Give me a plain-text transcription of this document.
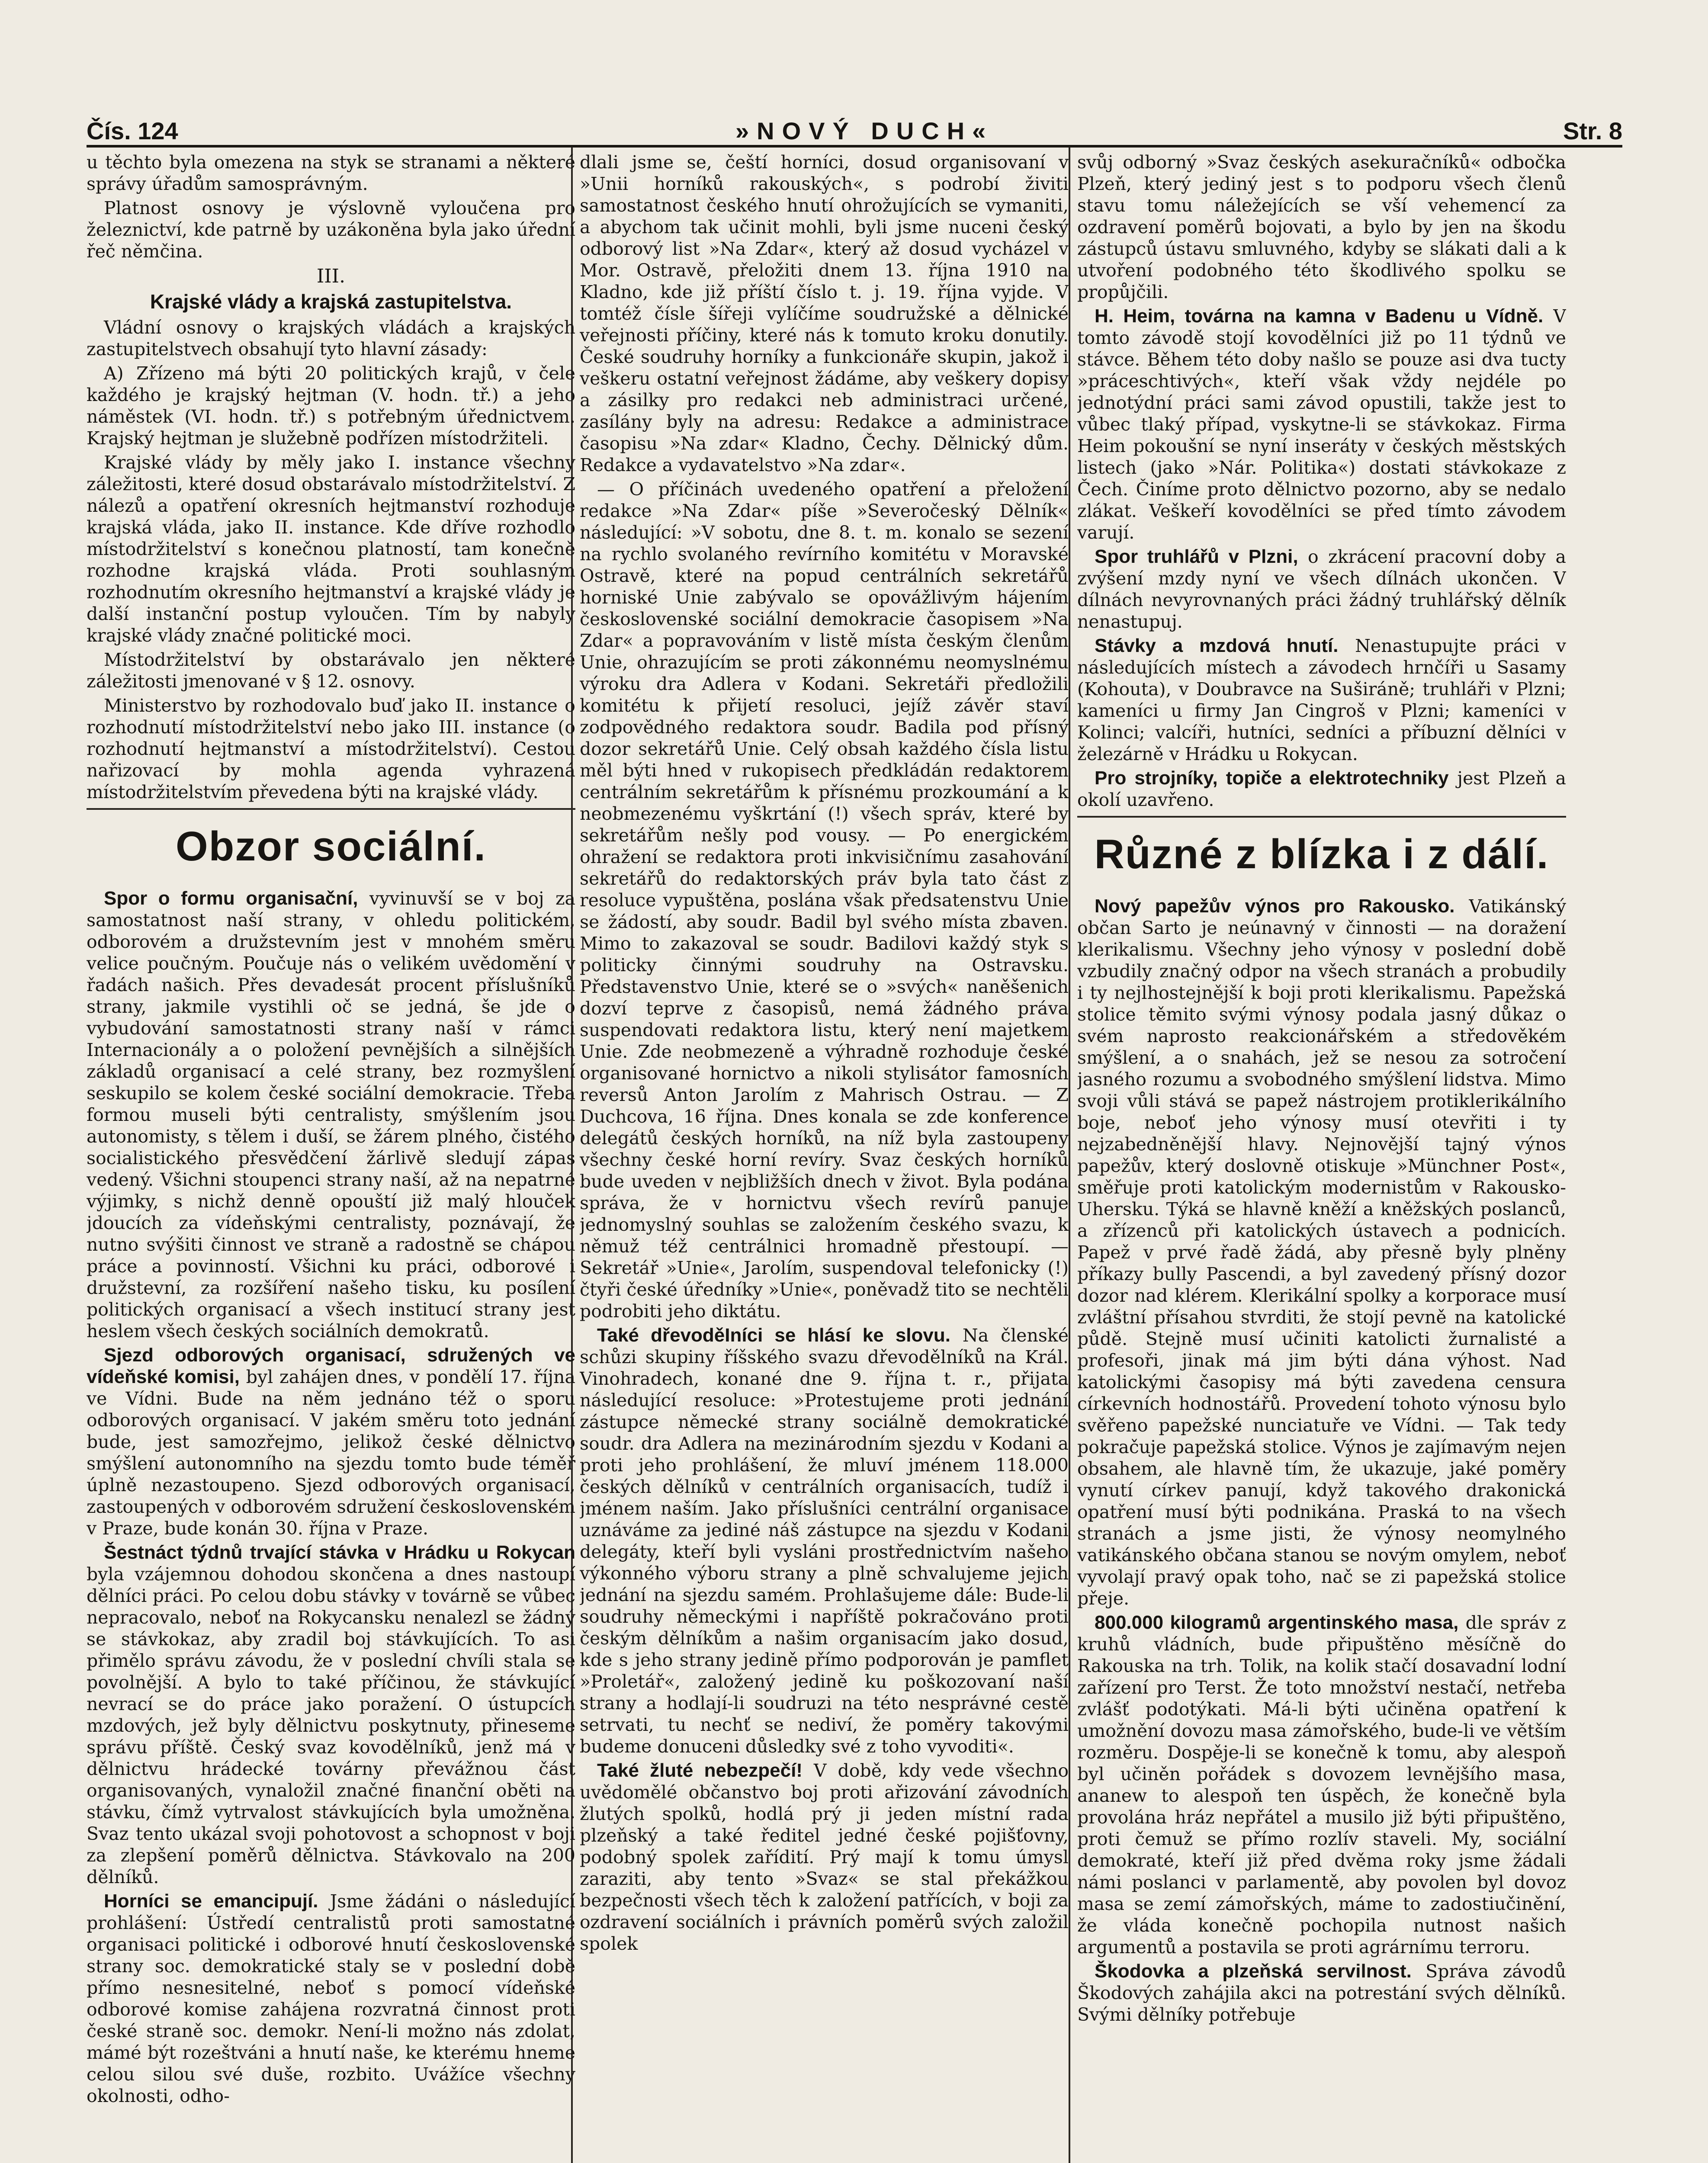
Čís. 124	»NOVÝ DUCH«	Str. 8

u těchto byla omezena na styk se stranami a některé správy úřadům samosprávným.

Platnost osnovy je výslovně vyloučena pro železnictví, kde patrně by uzákoněna byla jako úřední řeč němčina.

III.
Krajské vlády a krajská zastupitelstva.

Vládní osnovy o krajských vládách a krajských zastupitelstvech obsahují tyto hlavní zásady:

A) Zřízeno má býti 20 politických krajů, v čele každého je krajský hejtman (V. hodn. tř.) a jeho náměstek (VI. hodn. tř.) s potřebným úřednictvem. Krajský hejtman je služebně podřízen místodržiteli.

Krajské vlády by měly jako I. instance všechny záležitosti, které dosud obstarávalo místodržitelství. Z nálezů a opatření okresních hejtmanství rozhoduje krajská vláda, jako II. instance. Kde dříve rozhodlo místodržitelství s konečnou platností, tam konečně rozhodne krajská vláda. Proti souhlasným rozhodnutím okresního hejtmanství a krajské vlády je další instanční postup vyloučen. Tím by nabyly krajské vlády značné politické moci.

Místodržitelství by obstarávalo jen některé záležitosti jmenované v § 12. osnovy.

Ministerstvo by rozhodovalo buď jako II. instance o rozhodnutí místodržitelství nebo jako III. instance (o rozhodnutí hejtmanství a místodržitelství). Cestou nařizovací by mohla agenda vyhrazená místodržitelstvím převedena býti na krajské vlády.

Obzor sociální.

Spor o formu organisační, vyvinuvší se v boj za samostatnost naší strany, v ohledu politickém, odborovém a družstevním jest v mnohém směru velice poučným. Poučuje nás o velikém uvědomění v řadách našich. Přes devadesát procent příslušníků strany, jakmile vystihli oč se jedná, še jde o vybudování samostatnosti strany naší v rámci Internacionály a o položení pevnějších a silnějších základů organisací a celé strany, bez rozmyšlení seskupilo se kolem české sociální demokracie. Třeba formou museli býti centralisty, smýšlením jsou autonomisty, s tělem i duší, se žárem plného, čistého socialistického přesvědčení žárlivě sledují zápas vedený. Všichni stoupenci strany naší, až na nepatrné výjimky, s nichž denně opouští již malý hlouček jdoucích za vídeňskými centralisty, poznávají, že nutno svýšiti činnost ve straně a radostně se chápou práce a povinností. Všichni ku práci, odborové i družstevní, za rozšíření našeho tisku, ku posílení politických organisací a všech institucí strany jest heslem všech českých sociálních demokratů.

Sjezd odborových organisací, sdružených ve vídeňské komisi, byl zahájen dnes, v pondělí 17. října ve Vídni. Bude na něm jednáno též o sporu odborových organisací. V jakém směru toto jednání bude, jest samozřejmo, jelikož české dělnictvo smýšlení autonomního na sjezdu tomto bude téměř úplně nezastoupeno. Sjezd odborových organisací, zastoupených v odborovém sdružení československém v Praze, bude konán 30. října v Praze.

Šestnáct týdnů trvající stávka v Hrádku u Rokycan byla vzájemnou dohodou skončena a dnes nastoupí dělníci práci. Po celou dobu stávky v továrně se vůbec nepracovalo, neboť na Rokycansku nenalezl se žádný se stávkokaz, aby zradil boj stávkujících. To asi přimělo správu závodu, že v poslední chvíli stala se povolnější. A bylo to také příčinou, že stávkující nevrací se do práce jako poražení. O ústupcích mzdových, jež byly dělnictvu poskytnuty, přineseme správu příště. Český svaz kovodělníků, jenž má v dělnictvu hrádecké továrny převážnou část organisovaných, vynaložil značné finanční oběti na stávku, čímž vytrvalost stávkujících byla umožněna. Svaz tento ukázal svoji pohotovost a schopnost v boji za zlepšení poměrů dělnictva. Stávkovalo na 200 dělníků.

Horníci se emancipují. Jsme žádáni o následující prohlášení: Ústředí centralistů proti samostatné organisaci politické i odborové hnutí československé strany soc. demokratické staly se v poslední době přímo nesnesitelné, neboť s pomocí vídeňské odborové komise zahájena rozvratná činnost proti české straně soc. demokr. Není-li možno nás zdolat, mámé být rozeštváni a hnutí naše, ke kterému hneme celou silou své duše, rozbito. Uvážíce všechny okolnosti, odho-

dlali jsme se, čeští horníci, dosud organisovaní v »Unii horníků rakouských«, s podrobí živiti samostatnost českého hnutí ohrožujících se vymaniti, a abychom tak učinit mohli, byli jsme nuceni český odborový list »Na Zdar«, který až dosud vycházel v Mor. Ostravě, přeložiti dnem 13. října 1910 na Kladno, kde již příští číslo t. j. 19. října vyjde. V tomtéž čísle šířeji vylíčíme soudružské a dělnické veřejnosti příčiny, které nás k tomuto kroku donutily. České soudruhy horníky a funkcionáře skupin, jakož i veškeru ostatní veřejnost žádáme, aby veškery dopisy a zásilky pro redakci neb administraci určené, zasílány byly na adresu: Redakce a administrace časopisu »Na zdar« Kladno, Čechy. Dělnický dům. Redakce a vydavatelstvo »Na zdar«.

— O příčinách uvedeného opatření a přeložení redakce »Na Zdar« píše »Severočeský Dělník« následující: »V sobotu, dne 8. t. m. konalo se sezení na rychlo svolaného revírního komitétu v Moravské Ostravě, které na popud centrálních sekretářů horniské Unie zabývalo se opovážlivým hájením československé sociální demokracie časopisem »Na Zdar« a popravováním v listě místa českým členům Unie, ohrazujícím se proti zákonnému neomyslnému výroku dra Adlera v Kodani. Sekretáři předložili komitétu k přijetí resoluci, jejíž závěr staví zodpovědného redaktora soudr. Badila pod přísný dozor sekretářů Unie. Celý obsah každého čísla listu měl býti hned v rukopisech předkládán redaktorem centrálním sekretářům k přísnému prozkoumání a k neobmezenému vyškrtání (!) všech správ, které by sekretářům nešly pod vousy. — Po energickém ohražení se redaktora proti inkvisičnímu zasahování sekretářů do redaktorských práv byla tato část z resoluce vypuštěna, poslána však předsatenstvu Unie se žádostí, aby soudr. Badil byl svého místa zbaven. Mimo to zakazoval se soudr. Badilovi každý styk s politicky činnými soudruhy na Ostravsku. Představenstvo Unie, které se o »svých« naněšenich dozví teprve z časopisů, nemá žádného práva suspendovati redaktora listu, který není majetkem Unie. Zde neobmezeně a výhradně rozhoduje české organisované hornictvo a nikoli stylisátor famosních reversů Anton Jarolím z Mahrisch Ostrau. — Z Duchcova, 16 října. Dnes konala se zde konference delegátů českých horníků, na níž byla zastoupeny všechny české horní revíry. Svaz českých horníků bude uveden v nejbližších dnech v život. Byla podána správa, že v hornictvu všech revírů panuje jednomyslný souhlas se založením českého svazu, k němuž též centrálnici hromadně přestoupí. — Sekretář »Unie«, Jarolím, suspendoval telefonicky (!) čtyři české úředníky »Unie«, poněvadž tito se nechtěli podrobiti jeho diktátu.

Také dřevoděIníci se hlásí ke slovu. Na členské schůzi skupiny říšského svazu dřevodělníků na Král. Vinohradech, konané dne 9. října t. r., přijata následující resoluce: »Protestujeme proti jednání zástupce německé strany sociálně demokratické soudr. dra Adlera na mezinárodním sjezdu v Kodani a proti jeho prohlášení, že mluví jménem 118.000 českých dělníků v centrálních organisacích, tudíž i jménem naším. Jako příslušníci centrální organisace uznáváme za jediné náš zástupce na sjezdu v Kodani delegáty, kteří byli vysláni prostřednictvím našeho výkonného výboru strany a plně schvalujeme jejich jednání na sjezdu samém. Prohlašujeme dále: Bude-li soudruhy německými i napříště pokračováno proti českým dělníkům a našim organisacím jako dosud, kde s jeho strany jedině přímo podporován je pamflet »Proletář«, založený jedině ku poškozovaní naší strany a hodlají-li soudruzi na této nesprávné cestě setrvati, tu nechť se nediví, že poměry takovými budeme donuceni důsledky své z toho vyvoditi«.

Také žluté nebezpečí! V době, kdy vede všechno uvědomělé občanstvo boj proti ařizování závodních žlutých spolků, hodlá prý ji jeden místní rada plzeňský a také ředitel jedné české pojišťovny, podobný spolek zařídití. Prý mají k tomu úmysl zaraziti, aby tento »Svaz« se stal překážkou bezpečnosti všech těch k založení patřících, v boji za ozdravení sociálních i právních poměrů svých založil spolek

svůj odborný »Svaz českých asekuračníků« odbočka Plzeň, který jediný jest s to podporu všech členů stavu tomu náležejících se vší vehemencí za ozdravení poměrů bojovati, a bylo by jen na škodu zástupců ústavu smluvného, kdyby se slákati dali a k utvoření podobného této škodlivého spolku se propůjčili.

H. Heim, továrna na kamna v Badenu u Vídně. V tomto závodě stojí kovodělníci již po 11 týdnů ve stávce. Během této doby našlo se pouze asi dva tucty »práceschtivých«, kteří však vždy nejdéle po jednotýdní práci sami závod opustili, takže jest to vůbec tlaký případ, vyskytne-li se stávkokaz. Firma Heim pokoušní se nyní inseráty v českých městských listech (jako »Nár. Politika«) dostati stávkokaze z Čech. Činíme proto dělnictvo pozorno, aby se nedalo zlákat. Veškeří kovodělníci se před tímto závodem varují.

Spor truhlářů v Plzni, o zkrácení pracovní doby a zvýšení mzdy nyní ve všech dílnách ukončen. V dílnách nevyrovnaných práci žádný truhlářský dělník nenastupuj.

Stávky a mzdová hnutí. Nenastupujte práci v následujících místech a závodech hrnčíři u Sasamy (Kohouta), v Doubravce na Suširáně; truhláři v Plzni; kameníci u firmy Jan Cingroš v Plzni; kameníci v Kolinci; valcíři, hutníci, sedníci a příbuzní dělníci v železárně v Hrádku u Rokycan.

Pro strojníky, topiče a elektrotechniky jest Plzeň a okolí uzavřeno.

Různé z blízka i z dálí.

Nový papežův výnos pro Rakousko. Vatikánský občan Sarto je neúnavný v činnosti — na doražení klerikalismu. Všechny jeho výnosy v poslední době vzbudily značný odpor na všech stranách a probudily i ty nejlhostejnější k boji proti klerikalismu. Papežská stolice těmito svými výnosy podala jasný důkaz o svém naprosto reakcionářském a středověkém smýšlení, a o snahách, jež se nesou za sotročení jasného rozumu a svobodného smýšlení lidstva. Mimo svoji vůli stává se papež nástrojem protiklerikálního boje, neboť jeho výnosy musí otevřiti i ty nejzabedněnější hlavy. Nejnovější tajný výnos papežův, který doslovně otiskuje »Münchner Post«, směřuje proti katolickým modernistům v Rakousko-Uhersku. Týká se hlavně kněží a kněžských poslanců, a zřízenců při katolických ústavech a podnicích. Papež v prvé řadě žádá, aby přesně byly plněny příkazy bully Pascendi, a byl zavedený přísný dozor dozor nad klérem. Klerikální spolky a korporace musí zvláštní přísahou stvrditi, že stojí pevně na katolické půdě. Stejně musí učiniti katolicti žurnalisté a profesoři, jinak má jim býti dána výhost. Nad katolickými časopisy má býti zavedena censura církevních hodnostářů. Provedení tohoto výnosu bylo svěřeno papežské nunciatuře ve Vídni. — Tak tedy pokračuje papežská stolice. Výnos je zajímavým nejen obsahem, ale hlavně tím, že ukazuje, jaké poměry vynutí církev panují, když takového drakonická opatření musí býti podnikána. Praská to na všech stranách a jsme jisti, že výnosy neomylného vatikánského občana stanou se novým omylem, neboť vyvolají pravý opak toho, nač se zi papežská stolice přeje.

800.000 kilogramů argentinského masa, dle správ z kruhů vládních, bude připuštěno měsíčně do Rakouska na trh. Tolik, na kolik stačí dosavadní lodní zařízení pro Terst. Že toto množství nestačí, netřeba zvlášť podotýkati. Má-li býti učiněna opatření k umožnění dovozu masa zámořského, bude-li ve větším rozměru. Dospěje-li se konečně k tomu, aby alespoň byl učiněn pořádek s dovozem levnějšího masa, ananew to alespoň ten úspěch, že konečně byla provolána hráz nepřátel a musilo již býti připuštěno, proti čemuž se přímo rozlív staveli. My, sociální demokraté, kteří již před dvěma roky jsme žádali námi poslanci v parlamentě, aby povolen byl dovoz masa se zemí zámořských, máme to zadostiučinění, že vláda konečně pochopila nutnost našich argumentů a postavila se proti agrárnímu terroru.

Škodovka a plzeňská servilnost. Správa závodů Škodových zahájila akci na potrestání svých dělníků. Svými dělníky potřebuje
